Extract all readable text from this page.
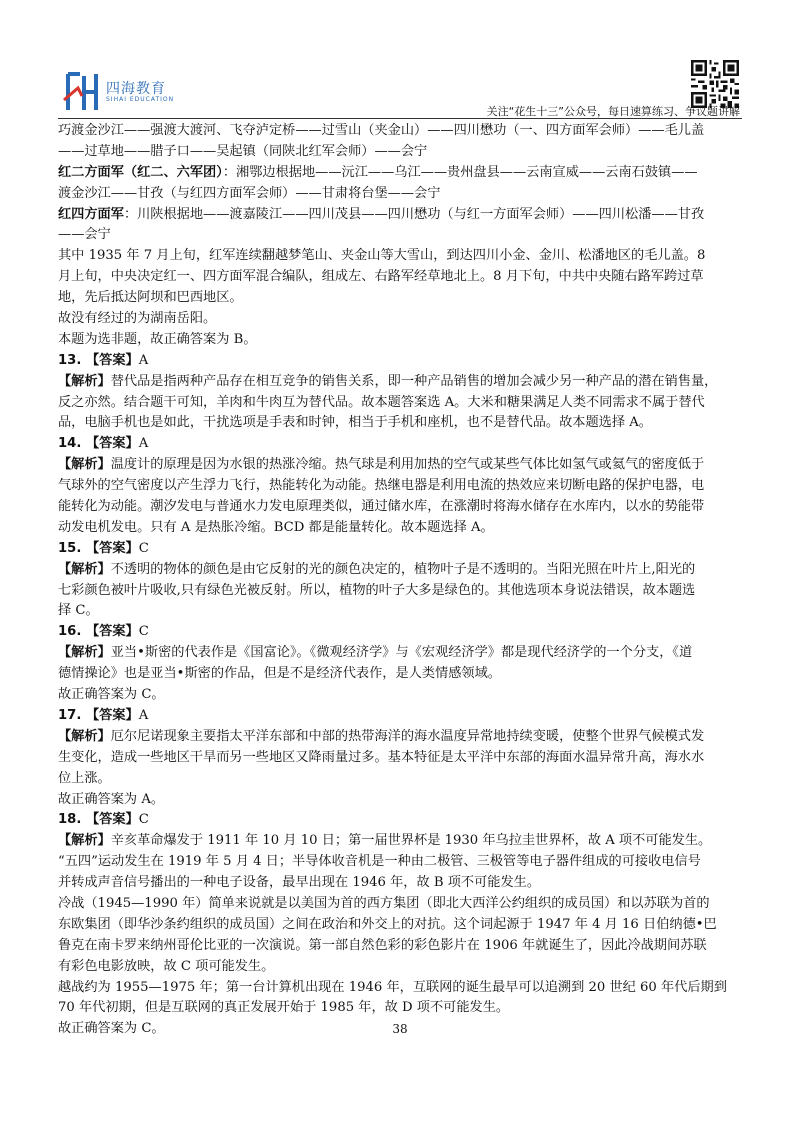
四海教育
SIHAI EDUCATION
关注“花生十三”公众号，每日速算练习、争议题讲解
巧渡金沙江——强渡大渡河、飞夺泸定桥——过雪山（夹金山）——四川懋功（一、四方面军会师）——毛儿盖
——过草地——腊子口——吴起镇（同陕北红军会师）——会宁
红二方面军（红二、六军团）：湘鄂边根据地——沅江——乌江——贵州盘县——云南宣威——云南石鼓镇——
渡金沙江——甘孜（与红四方面军会师）——甘肃将台堡——会宁
红四方面军：川陕根据地——渡嘉陵江——四川茂县——四川懋功（与红一方面军会师）——四川松潘——甘孜
——会宁
其中 1935 年 7 月上旬，红军连续翻越梦笔山、夹金山等大雪山，到达四川小金、金川、松潘地区的毛儿盖。8
月上旬，中央决定红一、四方面军混合编队，组成左、右路军经草地北上。8 月下旬，中共中央随右路军跨过草
地，先后抵达阿坝和巴西地区。
故没有经过的为湖南岳阳。
本题为选非题，故正确答案为 B。
13. 【答案】A
【解析】替代品是指两种产品存在相互竞争的销售关系，即一种产品销售的增加会减少另一种产品的潜在销售量，
反之亦然。结合题干可知，羊肉和牛肉互为替代品。故本题答案选 A。大米和糖果满足人类不同需求不属于替代
品，电脑手机也是如此，干扰选项是手表和时钟，相当于手机和座机，也不是替代品。故本题选择 A。
14. 【答案】A
【解析】温度计的原理是因为水银的热涨冷缩。热气球是利用加热的空气或某些气体比如氢气或氦气的密度低于
气球外的空气密度以产生浮力飞行，热能转化为动能。热继电器是利用电流的热效应来切断电路的保护电器，电
能转化为动能。潮汐发电与普通水力发电原理类似，通过储水库，在涨潮时将海水储存在水库内，以水的势能带
动发电机发电。只有 A 是热胀冷缩。BCD 都是能量转化。故本题选择 A。
15. 【答案】C
【解析】不透明的物体的颜色是由它反射的光的颜色决定的，植物叶子是不透明的。当阳光照在叶片上,阳光的
七彩颜色被叶片吸收,只有绿色光被反射。所以，植物的叶子大多是绿色的。其他选项本身说法错误，故本题选
择 C。
16. 【答案】C
【解析】亚当•斯密的代表作是《国富论》。《微观经济学》与《宏观经济学》都是现代经济学的一个分支，《道
德情操论》也是亚当•斯密的作品，但是不是经济代表作，是人类情感领域。
故正确答案为 C。
17. 【答案】A
【解析】厄尔尼诺现象主要指太平洋东部和中部的热带海洋的海水温度异常地持续变暖，使整个世界气候模式发
生变化，造成一些地区干旱而另一些地区又降雨量过多。基本特征是太平洋中东部的海面水温异常升高，海水水
位上涨。
故正确答案为 A。
18. 【答案】C
【解析】辛亥革命爆发于 1911 年 10 月 10 日；第一届世界杯是 1930 年乌拉圭世界杯，故 A 项不可能发生。
“五四”运动发生在 1919 年 5 月 4 日；半导体收音机是一种由二极管、三极管等电子器件组成的可接收电信号
并转成声音信号播出的一种电子设备，最早出现在 1946 年，故 B 项不可能发生。
冷战（1945—1990 年）简单来说就是以美国为首的西方集团（即北大西洋公约组织的成员国）和以苏联为首的
东欧集团（即华沙条约组织的成员国）之间在政治和外交上的对抗。这个词起源于 1947 年 4 月 16 日伯纳德•巴
鲁克在南卡罗来纳州哥伦比亚的一次演说。第一部自然色彩的彩色影片在 1906 年就诞生了，因此冷战期间苏联
有彩色电影放映，故 C 项可能发生。
越战约为 1955—1975 年；第一台计算机出现在 1946 年，互联网的诞生最早可以追溯到 20 世纪 60 年代后期到
70 年代初期，但是互联网的真正发展开始于 1985 年，故 D 项不可能发生。
故正确答案为 C。	38
